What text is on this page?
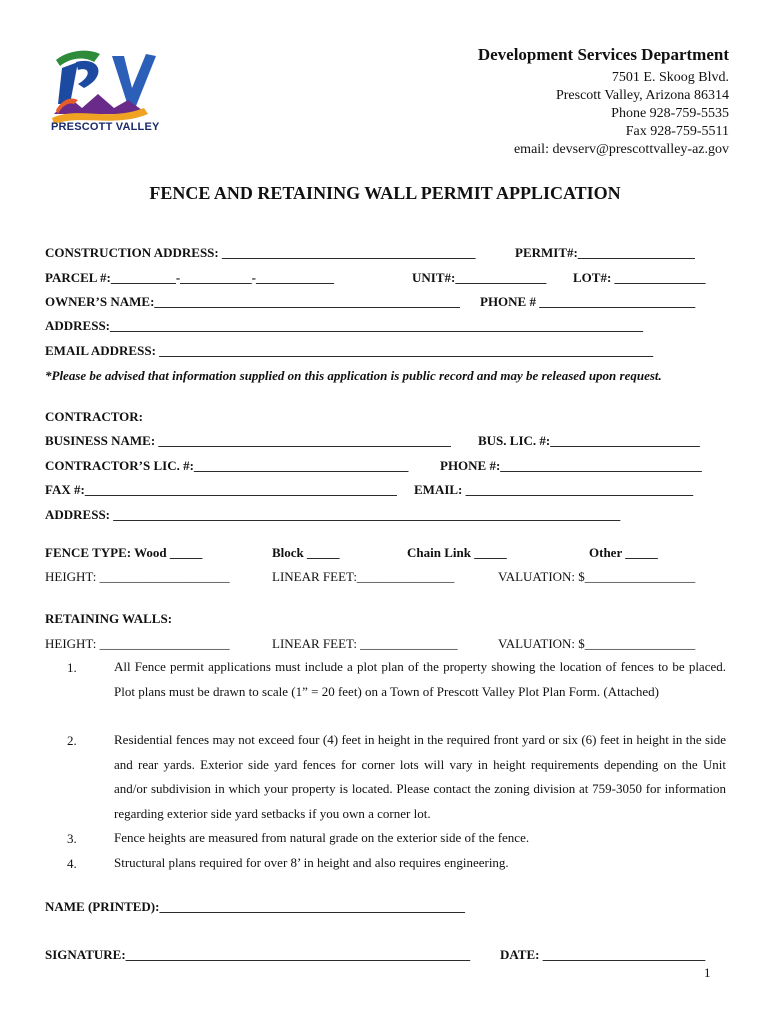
PRESCOTT VALLEY
Development Services Department
7501 E. Skoog Blvd.
Prescott Valley, Arizona 86314
Phone 928-759-5535
Fax 928-759-5511
email: devserv@prescottvalley-az.gov
FENCE AND RETAINING WALL PERMIT APPLICATION
CONSTRUCTION ADDRESS: _______________________________________	PERMIT#:__________________
PARCEL #:__________-___________-____________	UNIT#:______________ LOT#: ______________
OWNER’S NAME:_______________________________________________ PHONE # ________________________
ADDRESS:__________________________________________________________________________________
EMAIL ADDRESS: ____________________________________________________________________________
*Please be advised that information supplied on this application is public record and may be released upon request.
CONTRACTOR:
BUSINESS NAME: _____________________________________________ BUS. LIC. #:_______________________
CONTRACTOR’S LIC. #:_________________________________ PHONE #:_______________________________
FAX #:________________________________________________ EMAIL: ___________________________________
ADDRESS: ______________________________________________________________________________
FENCE TYPE: Wood _____	Block _____	Chain Link _____	Other _____
HEIGHT: ____________________	LINEAR FEET:_______________	VALUATION: $_________________
RETAINING WALLS:
HEIGHT: ____________________	LINEAR FEET: _______________	VALUATION: $_________________
1.	All Fence permit applications must include a plot plan of the property showing the location of fences to be placed. Plot plans must be drawn to scale (1” = 20 feet) on a Town of Prescott Valley Plot Plan Form. (Attached)
2.	Residential fences may not exceed four (4) feet in height in the required front yard or six (6) feet in height in the side and rear yards. Exterior side yard fences for corner lots will vary in height requirements depending on the Unit and/or subdivision in which your property is located. Please contact the zoning division at 759-3050 for information regarding exterior side yard setbacks if you own a corner lot.
3.	Fence heights are measured from natural grade on the exterior side of the fence.
4.	Structural plans required for over 8’ in height and also requires engineering.
NAME (PRINTED):_______________________________________________
SIGNATURE:_____________________________________________________ DATE: _________________________
1
